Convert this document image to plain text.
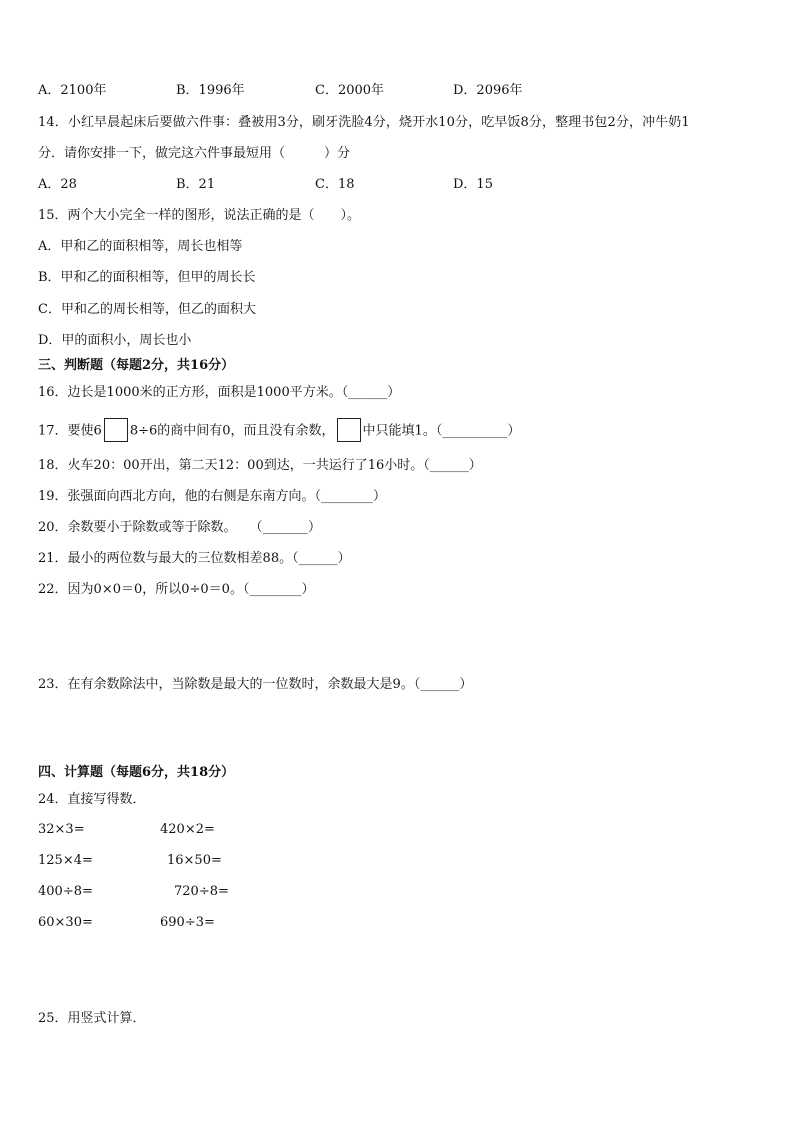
A．2100年	B．1996年	C．2000年	D．2096年
14．小红早晨起床后要做六件事：叠被用3分，刷牙洗脸4分，烧开水10分，吃早饭8分，整理书包2分，冲牛奶1
分．请你安排一下，做完这六件事最短用（　　　）分
A．28	B．21	C．18	D．15
15．两个大小完全一样的图形，说法正确的是（　　）。
A．甲和乙的面积相等，周长也相等
B．甲和乙的面积相等，但甲的周长长
C．甲和乙的周长相等，但乙的面积大
D．甲的面积小，周长也小
三、判断题（每题2分，共16分）
16．边长是1000米的正方形，面积是1000平方米。（______）
17．要使6 8÷6的商中间有0，而且没有余数， 中只能填1。（__________）
18．火车20：00开出，第二天12：00到达，一共运行了16小时。（______）
19．张强面向西北方向，他的右侧是东南方向。（________）
20．余数要小于除数或等于除数。　　（_______）
21．最小的两位数与最大的三位数相差88。（______）
22．因为0×0＝0，所以0÷0＝0。（________）
23．在有余数除法中，当除数是最大的一位数时，余数最大是9。（______）
四、计算题（每题6分，共18分）
24．直接写得数．
32×3=	420×2=
125×4=	16×50=
400÷8=	720÷8=
60×30=	690÷3=
25．用竖式计算．
